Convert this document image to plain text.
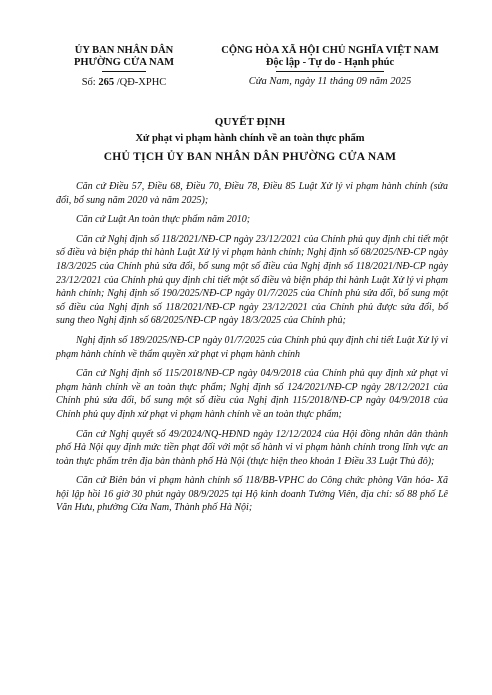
ỦY BAN NHÂN DÂN
PHƯỜNG CỬA NAM
Số: 265 /QĐ-XPHC
CỘNG HÒA XÃ HỘI CHỦ NGHĨA VIỆT NAM
Độc lập - Tự do - Hạnh phúc
Cửa Nam, ngày 11 tháng 09 năm 2025
QUYẾT ĐỊNH
Xử phạt vi phạm hành chính về an toàn thực phẩm
CHỦ TỊCH ỦY BAN NHÂN DÂN PHƯỜNG CỬA NAM

Căn cứ Điều 57, Điều 68, Điều 70, Điều 78, Điều 85 Luật Xử lý vi phạm hành chính (sửa đổi, bổ sung năm 2020 và năm 2025);

Căn cứ Luật An toàn thực phẩm năm 2010;

Căn cứ Nghị định số 118/2021/NĐ-CP ngày 23/12/2021 của Chính phủ quy định chi tiết một số điều và biện pháp thi hành Luật Xử lý vi phạm hành chính; Nghị định số 68/2025/NĐ-CP ngày 18/3/2025 của Chính phủ sửa đổi, bổ sung một số điều của Nghị định số 118/2021/NĐ-CP ngày 23/12/2021 của Chính phủ quy định chi tiết một số điều và biện pháp thi hành Luật Xử lý vi phạm hành chính; Nghị định số 190/2025/NĐ-CP ngày 01/7/2025 của Chính phủ sửa đổi, bổ sung một số điều của Nghị định số 118/2021/NĐ-CP ngày 23/12/2021 của Chính phủ được sửa đổi, bổ sung theo Nghị định số 68/2025/NĐ-CP ngày 18/3/2025 của Chính phủ;

Nghị định số 189/2025/NĐ-CP ngày 01/7/2025 của Chính phủ quy định chi tiết Luật Xử lý vi phạm hành chính về thẩm quyền xử phạt vi phạm hành chính

Căn cứ Nghị định số 115/2018/NĐ-CP ngày 04/9/2018 của Chính phủ quy định xử phạt vi phạm hành chính về an toàn thực phẩm; Nghị định số 124/2021/NĐ-CP ngày 28/12/2021 của Chính phủ sửa đổi, bổ sung một số điều của Nghị định 115/2018/NĐ-CP ngày 04/9/2018 của Chính phủ quy định xử phạt vi phạm hành chính về an toàn thực phẩm;

Căn cứ Nghị quyết số 49/2024/NQ-HĐND ngày 12/12/2024 của Hội đồng nhân dân thành phố Hà Nội quy định mức tiền phạt đối với một số hành vi vi phạm hành chính trong lĩnh vực an toàn thực phẩm trên địa bàn thành phố Hà Nội (thực hiện theo khoản 1 Điều 33 Luật Thủ đô);

Căn cứ Biên bản vi phạm hành chính số 118/BB-VPHC do Công chức phòng Văn hóa- Xã hội lập hồi 16 giờ 30 phút ngày 08/9/2025 tại Hộ kinh doanh Tường Viên, địa chỉ: số 88 phố Lê Văn Hưu, phường Cửa Nam, Thành phố Hà Nội;
